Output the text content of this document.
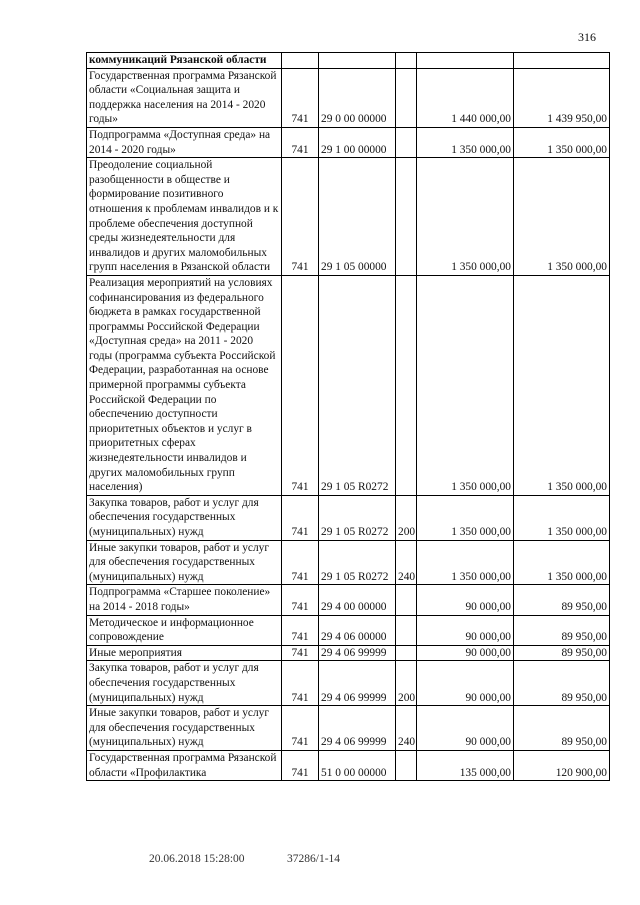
316
коммуникаций Рязанской области					
Государственная программа Рязанской области «Социальная защита и поддержка населения на 2014 - 2020 годы»	741	29 0 00 00000		1 440 000,00	1 439 950,00
Подпрограмма «Доступная среда» на 2014 - 2020 годы»	741	29 1 00 00000		1 350 000,00	1 350 000,00
Преодоление социальной разобщенности в обществе и формирование позитивного отношения к проблемам инвалидов и к проблеме обеспечения доступной среды жизнедеятельности для инвалидов и других маломобильных групп населения в Рязанской области	741	29 1 05 00000		1 350 000,00	1 350 000,00
Реализация мероприятий на условиях софинансирования из федерального бюджета в рамках государственной программы Российской Федерации «Доступная среда» на 2011 - 2020 годы (программа субъекта Российской Федерации, разработанная на основе примерной программы субъекта Российской Федерации по обеспечению доступности приоритетных объектов и услуг в приоритетных сферах жизнедеятельности инвалидов и других маломобильных групп населения)	741	29 1 05 R0272		1 350 000,00	1 350 000,00
Закупка товаров, работ и услуг для обеспечения государственных (муниципальных) нужд	741	29 1 05 R0272	200	1 350 000,00	1 350 000,00
Иные закупки товаров, работ и услуг для обеспечения государственных (муниципальных) нужд	741	29 1 05 R0272	240	1 350 000,00	1 350 000,00
Подпрограмма «Старшее поколение» на 2014 - 2018 годы»	741	29 4 00 00000		90 000,00	89 950,00
Методическое и информационное сопровождение	741	29 4 06 00000		90 000,00	89 950,00
Иные мероприятия	741	29 4 06 99999		90 000,00	89 950,00
Закупка товаров, работ и услуг для обеспечения государственных (муниципальных) нужд	741	29 4 06 99999	200	90 000,00	89 950,00
Иные закупки товаров, работ и услуг для обеспечения государственных (муниципальных) нужд	741	29 4 06 99999	240	90 000,00	89 950,00
Государственная программа Рязанской области «Профилактика	741	51 0 00 00000		135 000,00	120 900,00
20.06.2018 15:28:00	37286/1-14
